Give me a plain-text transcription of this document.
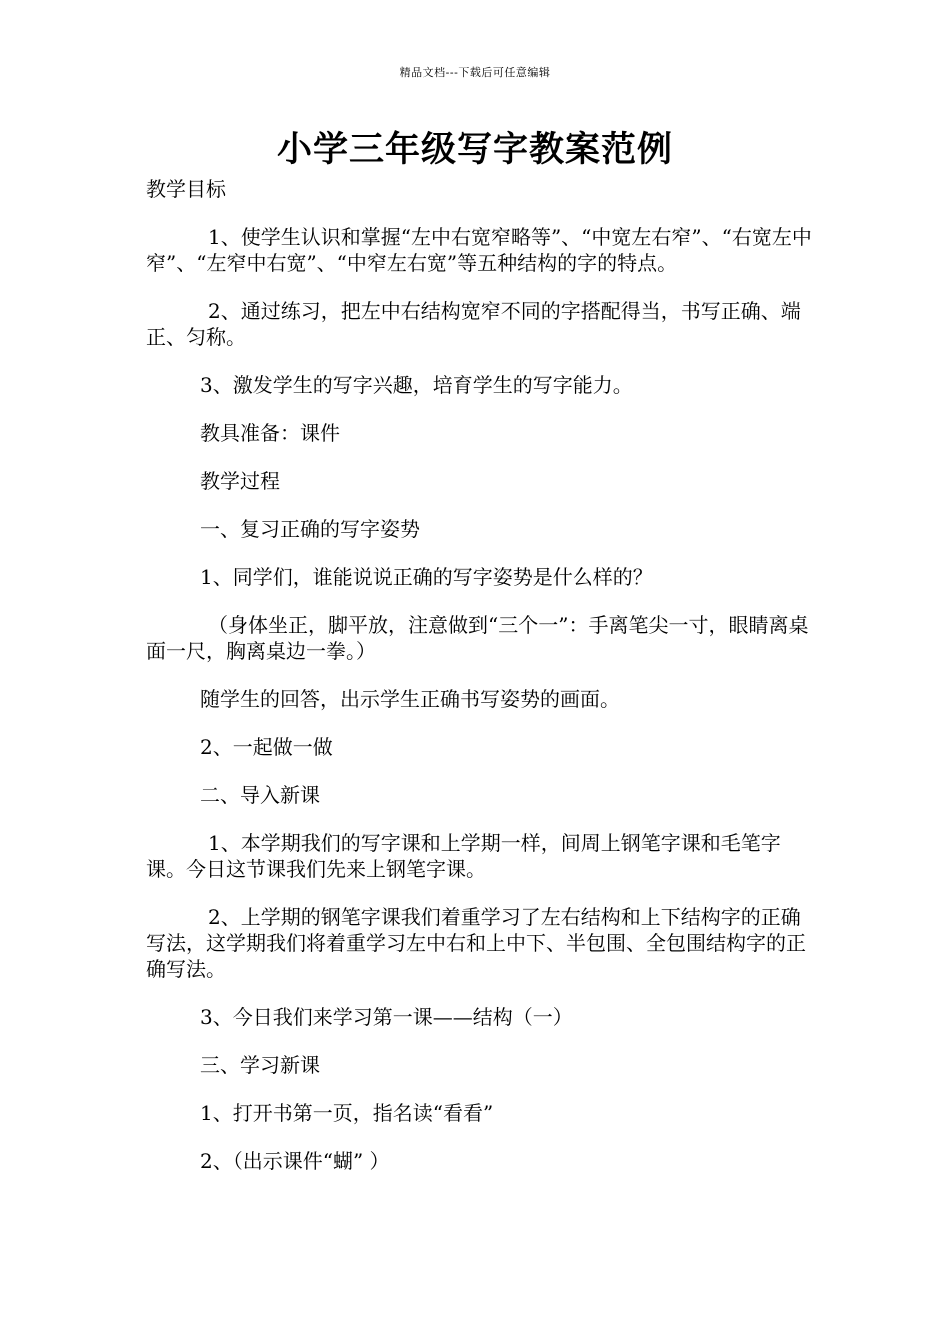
精品文档---下载后可任意编辑
小学三年级写字教案范例

教学目标

1、使学生认识和掌握“左中右宽窄略等”、“中宽左右窄”、“右宽左中窄”、“左窄中右宽”、“中窄左右宽”等五种结构的字的特点。

2、通过练习，把左中右结构宽窄不同的字搭配得当，书写正确、端正、匀称。

3、激发学生的写字兴趣，培育学生的写字能力。

教具准备：课件

教学过程

一、复习正确的写字姿势

1、同学们，谁能说说正确的写字姿势是什么样的？

（身体坐正，脚平放，注意做到“三个一”：手离笔尖一寸，眼睛离桌面一尺，胸离桌边一拳。）

随学生的回答，出示学生正确书写姿势的画面。

2、一起做一做

二、导入新课

1、本学期我们的写字课和上学期一样，间周上钢笔字课和毛笔字课。今日这节课我们先来上钢笔字课。

2、上学期的钢笔字课我们着重学习了左右结构和上下结构字的正确写法，这学期我们将着重学习左中右和上中下、半包围、全包围结构字的正确写法。

3、今日我们来学习第一课——结构（一）

三、学习新课

1、打开书第一页，指名读“看看”

2、（出示课件“蝴” ）
